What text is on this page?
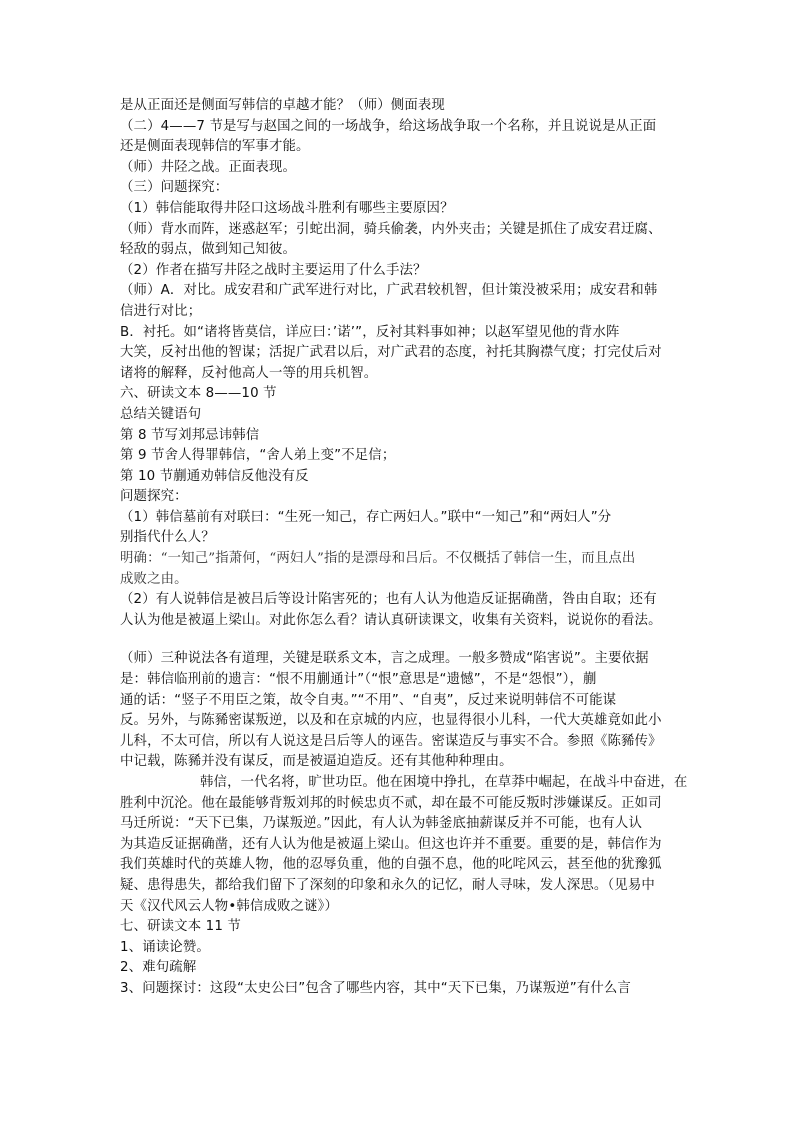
是从正面还是侧面写韩信的卓越才能？（师）侧面表现
（二）4——7 节是写与赵国之间的一场战争，给这场战争取一个名称，并且说说是从正面
还是侧面表现韩信的军事才能。
（师）井陉之战。正面表现。
（三）问题探究：
（1）韩信能取得井陉口这场战斗胜利有哪些主要原因？
（师）背水而阵，迷惑赵军；引蛇出洞，骑兵偷袭，内外夹击；关键是抓住了成安君迂腐、
轻敌的弱点，做到知己知彼。
（2）作者在描写井陉之战时主要运用了什么手法？
（师）A．对比。成安君和广武军进行对比，广武君较机智，但计策没被采用；成安君和韩
信进行对比；
B．衬托。如“诸将皆莫信，详应曰：’诺’”，反衬其料事如神；以赵军望见他的背水阵
大笑，反衬出他的智谋；活捉广武君以后，对广武君的态度，衬托其胸襟气度；打完仗后对
诸将的解释，反衬他高人一等的用兵机智。
六、研读文本 8——10 节
总结关键语句
第 8 节写刘邦忌讳韩信
第 9 节舍人得罪韩信，“舍人弟上变”不足信；
第 10 节蒯通劝韩信反他没有反
问题探究：
（1）韩信墓前有对联曰：“生死一知己，存亡两妇人。”联中“一知己”和“两妇人”分
别指代什么人？
明确：“一知己”指萧何，“两妇人”指的是漂母和吕后。不仅概括了韩信一生，而且点出
成败之由。
（2）有人说韩信是被吕后等设计陷害死的；也有人认为他造反证据确凿，咎由自取；还有
人认为他是被逼上梁山。对此你怎么看？请认真研读课文，收集有关资料，说说你的看法。
（师）三种说法各有道理，关键是联系文本，言之成理。一般多赞成“陷害说”。主要依据
是：韩信临刑前的遗言：“恨不用蒯通计”（“恨”意思是“遗憾”，不是“怨恨”），蒯
通的话：“竖子不用臣之策，故令自夷。”“不用”、“自夷”，反过来说明韩信不可能谋
反。另外，与陈豨密谋叛逆，以及和在京城的内应，也显得很小儿科，一代大英雄竟如此小
儿科，不太可信，所以有人说这是吕后等人的诬告。密谋造反与事实不合。参照《陈豨传》
中记载，陈豨并没有谋反，而是被逼迫造反。还有其他种种理由。
韩信，一代名将，旷世功臣。他在困境中挣扎，在草莽中崛起，在战斗中奋进，在
胜利中沉沦。他在最能够背叛刘邦的时候忠贞不贰，却在最不可能反叛时涉嫌谋反。正如司
马迁所说：“天下已集，乃谋叛逆。”因此，有人认为韩釜底抽薪谋反并不可能，也有人认
为其造反证据确凿，还有人认为他是被逼上梁山。但这也许并不重要。重要的是，韩信作为
我们英雄时代的英雄人物，他的忍辱负重，他的自强不息，他的叱咤风云，甚至他的犹豫狐
疑、患得患失，都给我们留下了深刻的印象和永久的记忆，耐人寻味，发人深思。（见易中
天《汉代风云人物•韩信成败之谜》）
七、研读文本 11 节
1、诵读论赞。
2、难句疏解
3、问题探讨：这段“太史公曰”包含了哪些内容，其中“天下已集，乃谋叛逆”有什么言
